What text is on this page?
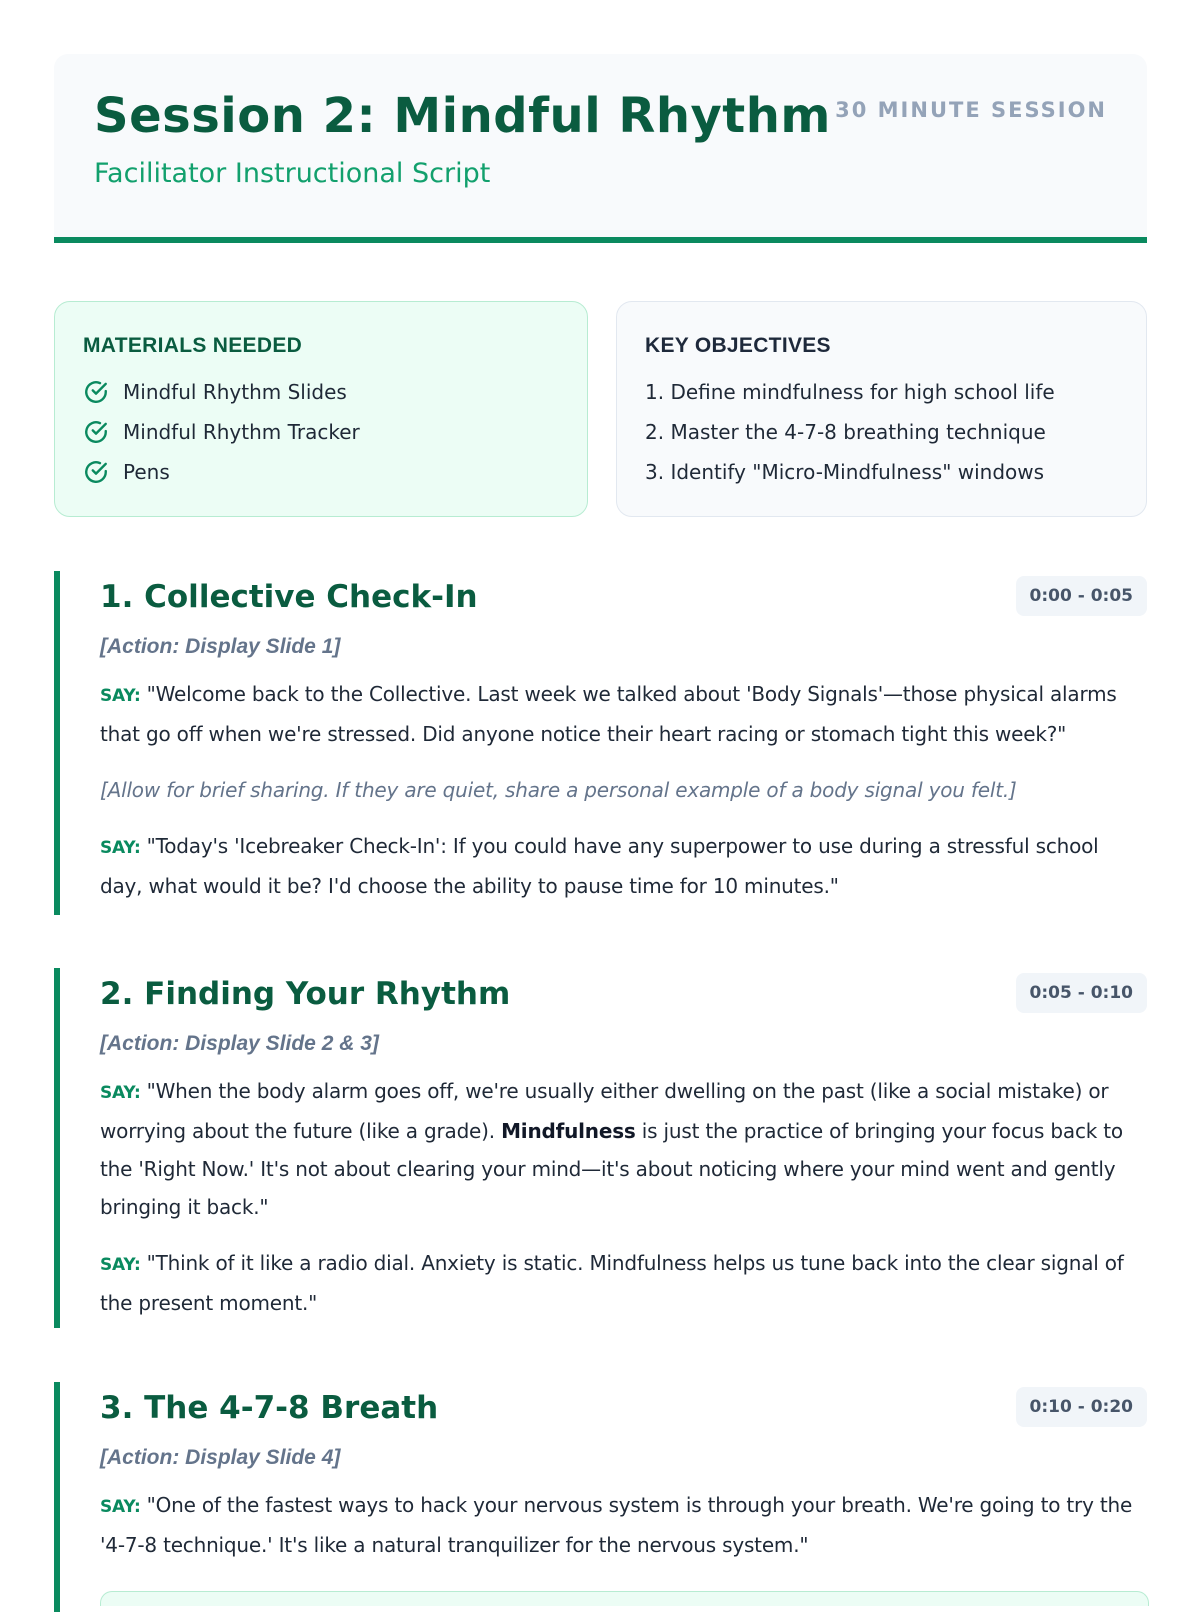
Session 2: Mindful Rhythm
Facilitator Instructional Script
30 MINUTE SESSION
MATERIALS NEEDED
Mindful Rhythm Slides
Mindful Rhythm Tracker
Pens
KEY OBJECTIVES
1. Define mindfulness for high school life
2. Master the 4-7-8 breathing technique
3. Identify "Micro-Mindfulness" windows
1. Collective Check-In	0:00 - 0:05
[Action: Display Slide 1]

SAY: "Welcome back to the Collective. Last week we talked about 'Body Signals'—those physical alarms that go off when we're stressed. Did anyone notice their heart racing or stomach tight this week?"

[Allow for brief sharing. If they are quiet, share a personal example of a body signal you felt.]

SAY: "Today's 'Icebreaker Check-In': If you could have any superpower to use during a stressful school day, what would it be? I'd choose the ability to pause time for 10 minutes."

2. Finding Your Rhythm	0:05 - 0:10
[Action: Display Slide 2 & 3]

SAY: "When the body alarm goes off, we're usually either dwelling on the past (like a social mistake) or worrying about the future (like a grade). Mindfulness is just the practice of bringing your focus back to the 'Right Now.' It's not about clearing your mind—it's about noticing where your mind went and gently bringing it back."

SAY: "Think of it like a radio dial. Anxiety is static. Mindfulness helps us tune back into the clear signal of the present moment."

3. The 4-7-8 Breath	0:10 - 0:20
[Action: Display Slide 4]

SAY: "One of the fastest ways to hack your nervous system is through your breath. We're going to try the '4-7-8 technique.' It's like a natural tranquilizer for the nervous system."
